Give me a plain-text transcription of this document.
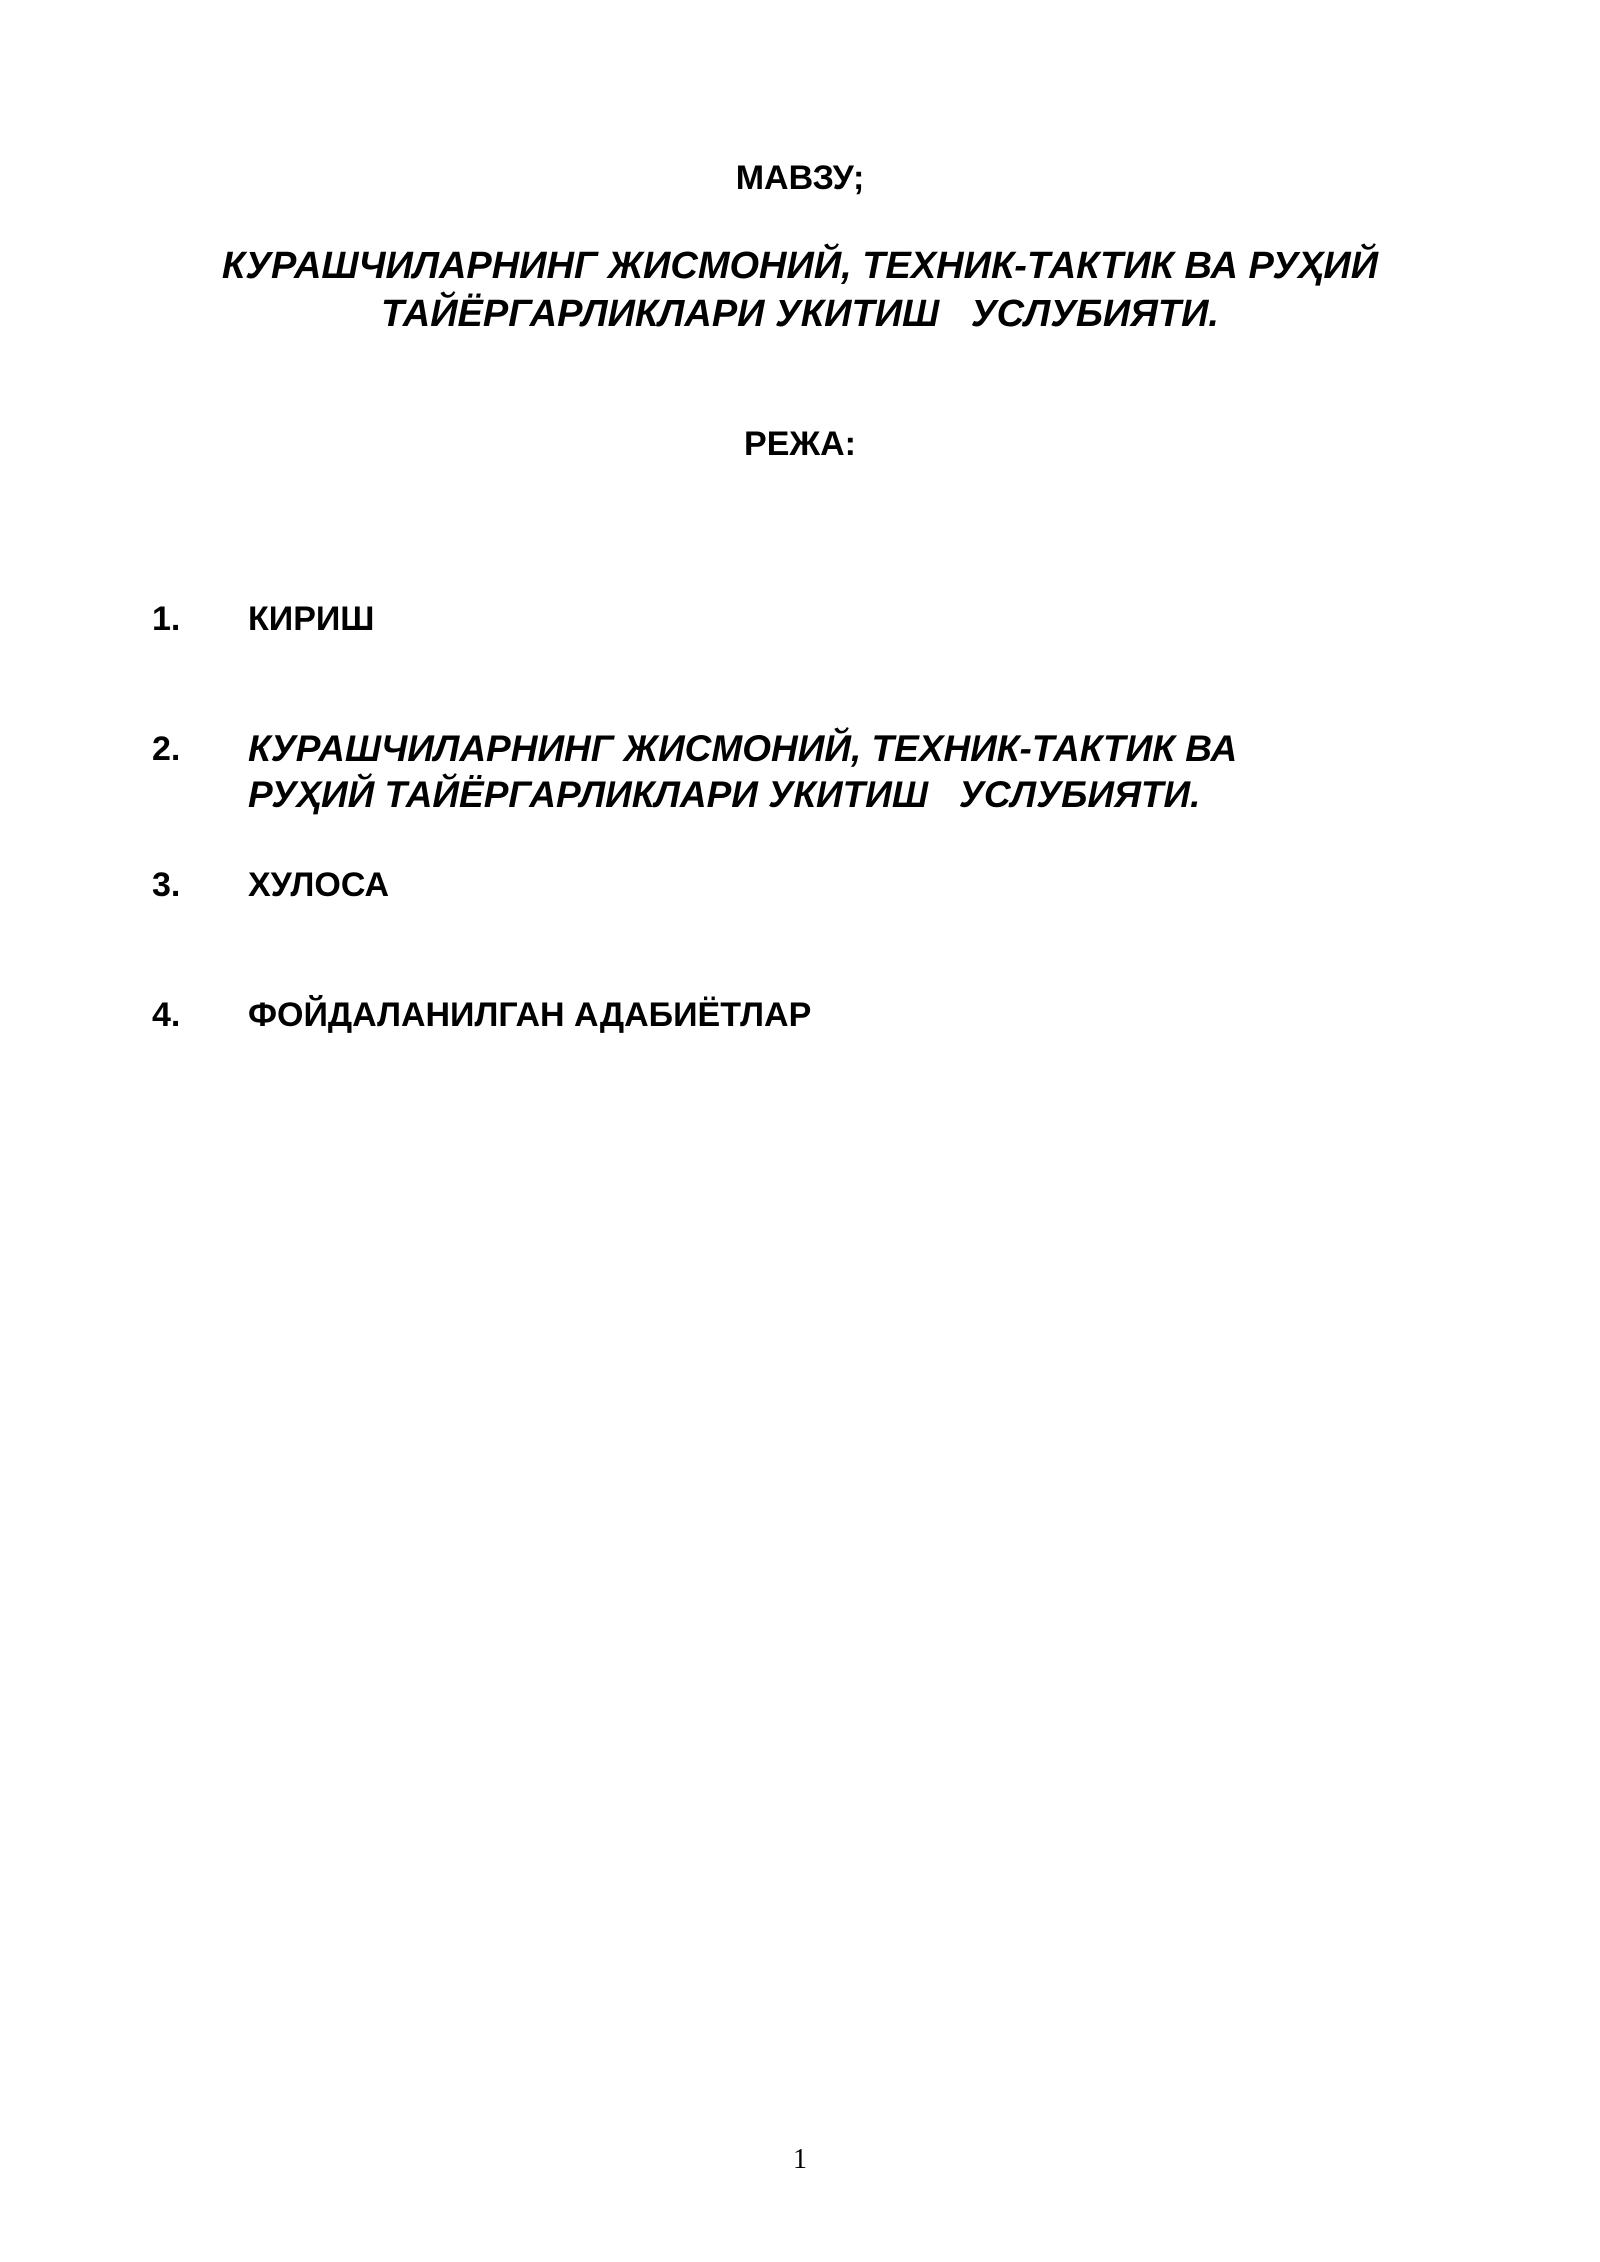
МАВЗУ;
КУРАШЧИЛАРНИНГ ЖИСМОНИЙ, ТЕХНИК-ТАКТИК ВА РУҲИЙ
ТАЙЁРГАРЛИКЛАРИ УКИТИШ   УСЛУБИЯТИ.
РЕЖА:
1. КИРИШ
2. КУРАШЧИЛАРНИНГ ЖИСМОНИЙ, ТЕХНИК-ТАКТИК ВА
РУҲИЙ ТАЙЁРГАРЛИКЛАРИ УКИТИШ   УСЛУБИЯТИ.
3. ХУЛОСА
4. ФОЙДАЛАНИЛГАН АДАБИЁТЛАР
1
